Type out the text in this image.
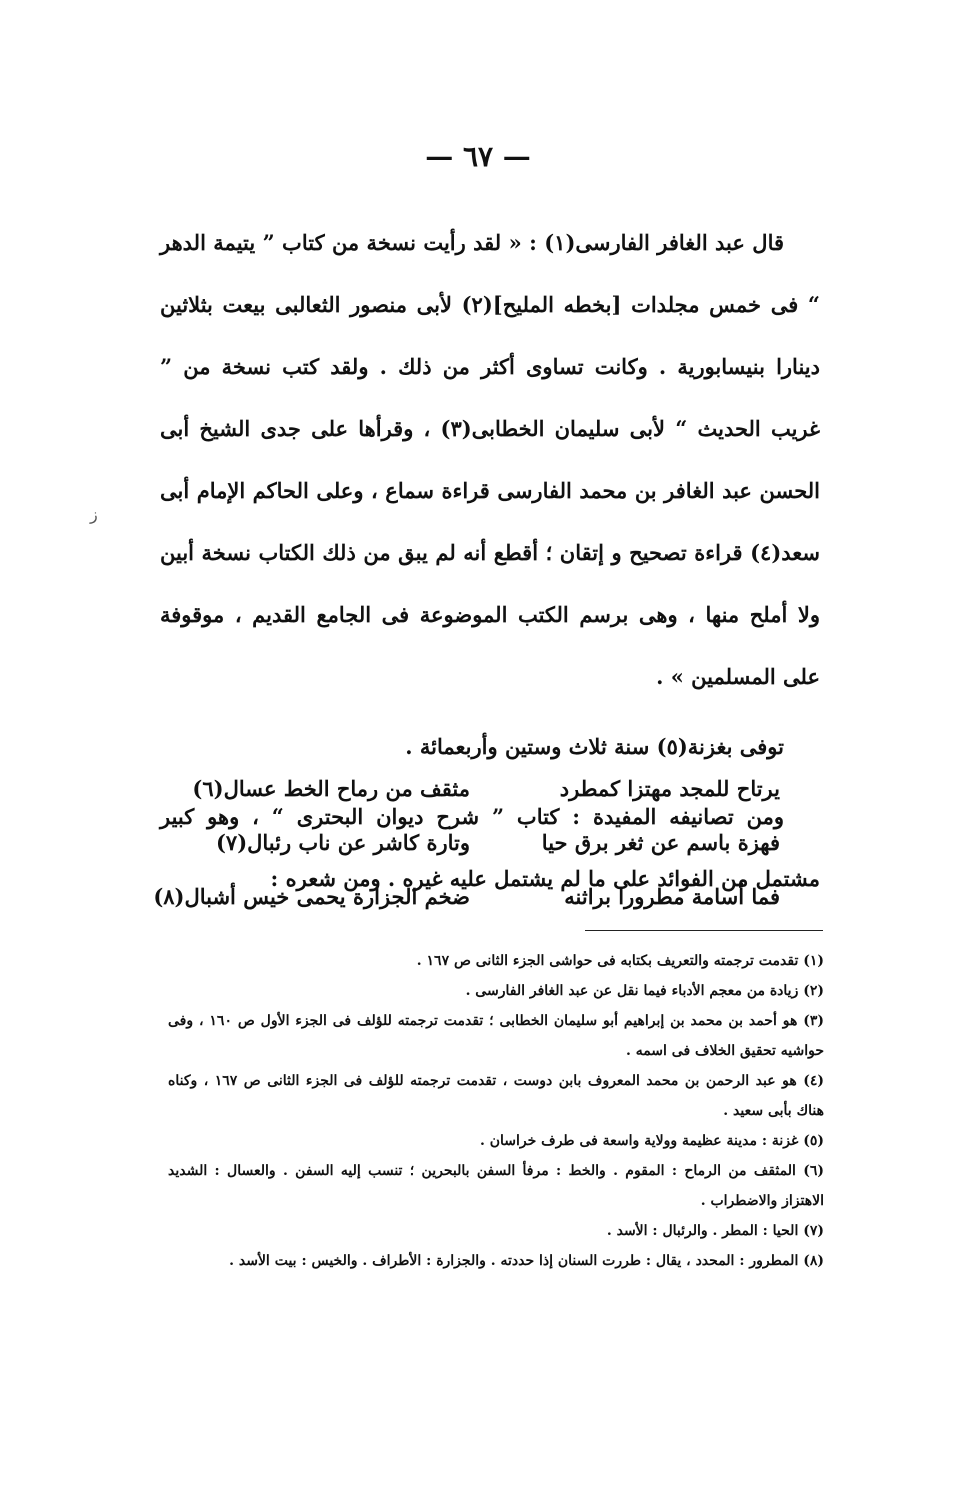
— ٦٧ —
ز

قال عبد الغافر الفارسى(١) : « لقد رأيت نسخة من كتاب ” يتيمة الدهر “ فى خمس مجلدات [بخطه المليح](٢) لأبى منصور الثعالبى بيعت بثلاثين دينارا بنيسابورية . وكانت تساوى أكثر من ذلك . ولقد كتب نسخة من ” غريب الحديث “ لأبى سليمان الخطابى(٣) ، وقرأها على جدى الشيخ أبى الحسن عبد الغافر بن محمد الفارسى قراءة سماع ، وعلى الحاكم الإمام أبى سعد(٤) قراءة تصحيح و إتقان ؛ أقطع أنه لم يبق من ذلك الكتاب نسخة أبين ولا أملح منها ، وهى برسم الكتب الموضوعة فى الجامع القديم ، موقوفة على المسلمين » .

توفى بغزنة(٥) سنة ثلاث وستين وأربعمائة .

ومن تصانيفه المفيدة : كتاب ” شرح ديوان البحترى “ ، وهو كبير مشتمل من الفوائد على ما لم يشتمل عليه غيره . ومن شعره :

يرتاح للمجد مهتزا كمطرد
مثقف من رماح الخط عسال(٦)
فهزة باسم عن ثغر برق حيا
وتارة كاشر عن ناب رئبال(٧)
فما أسامة مطرورا براثنه
ضخم الجزارة يحمى خيس أشبال(٨)

(١) تقدمت ترجمته والتعريف بكتابه فى حواشى الجزء الثانى ص ١٦٧ .

(٢) زيادة من معجم الأدباء فيما نقل عن عبد الغافر الفارسى .

(٣) هو أحمد بن محمد بن إبراهيم أبو سليمان الخطابى ؛ تقدمت ترجمته للؤلف فى الجزء الأول ص ١٦٠ ، وفى حواشيه تحقيق الخلاف فى اسمه .

(٤) هو عبد الرحمن بن محمد المعروف بابن دوست ، تقدمت ترجمته للؤلف فى الجزء الثانى ص ١٦٧ ، وكناه هناك بأبى سعيد .

(٥) غزنة : مدينة عظيمة وولاية واسعة فى طرف خراسان .

(٦) المثقف من الرماح : المقوم . والخط : مرفأ السفن بالبحرين ؛ تنسب إليه السفن . والعسال : الشديد الاهتزاز والاضطراب .

(٧) الحيا : المطر . والرئبال : الأسد .

(٨) المطرور : المحدد ، يقال : طررت السنان إذا حددته . والجزارة : الأطراف . والخيس : بيت الأسد .
